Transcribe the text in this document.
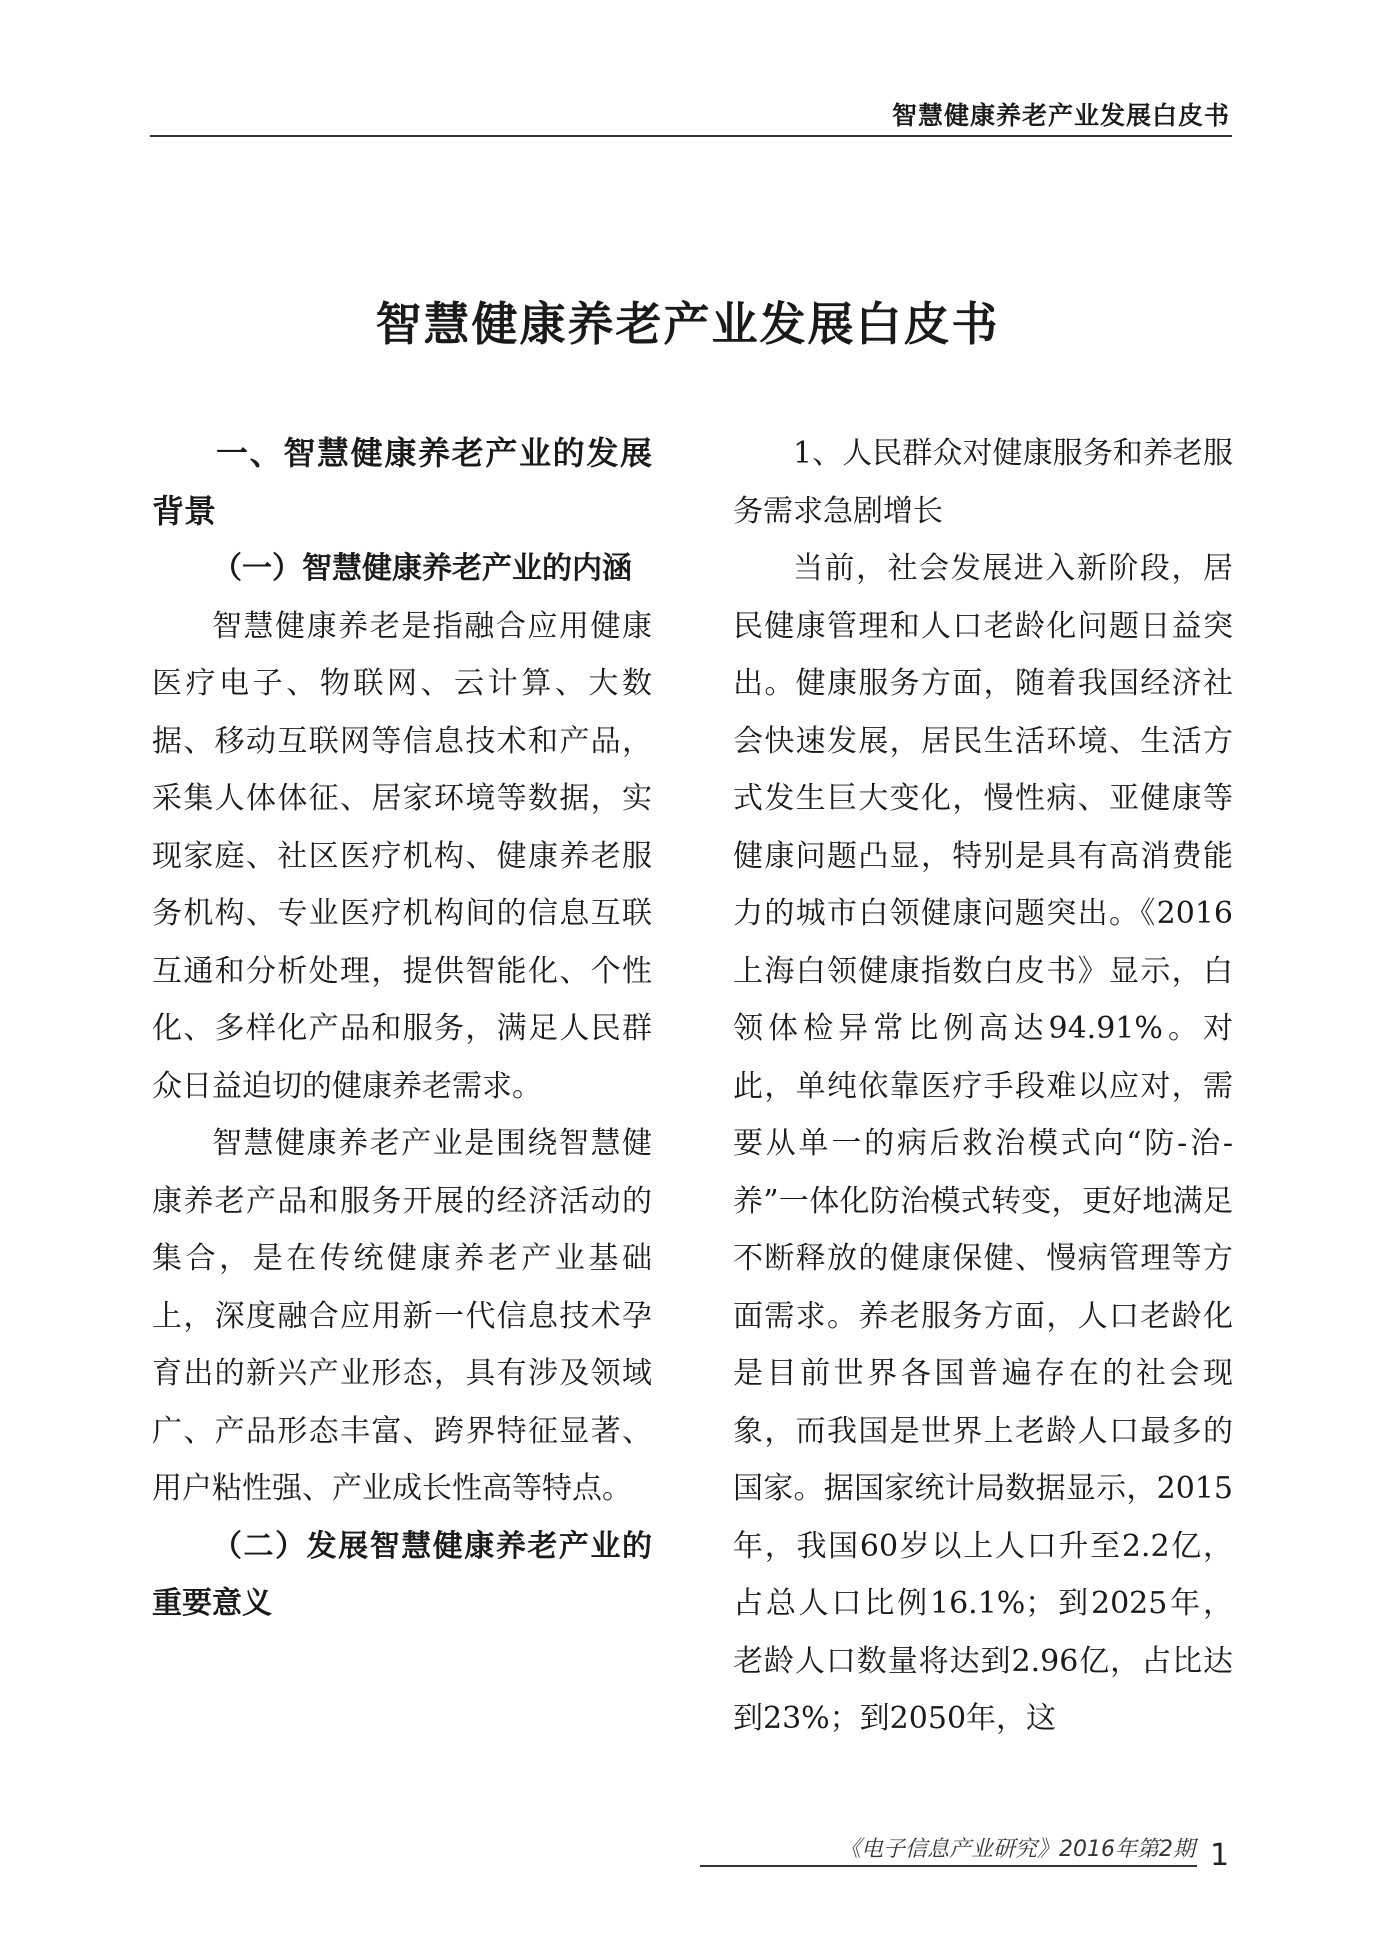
智慧健康养老产业发展白皮书
智慧健康养老产业发展白皮书

一、智慧健康养老产业的发展背景

（一）智慧健康养老产业的内涵

智慧健康养老是指融合应用健康医疗电子、物联网、云计算、大数据、移动互联网等信息技术和产品，采集人体体征、居家环境等数据，实现家庭、社区医疗机构、健康养老服务机构、专业医疗机构间的信息互联互通和分析处理，提供智能化、个性化、多样化产品和服务，满足人民群众日益迫切的健康养老需求。

智慧健康养老产业是围绕智慧健康养老产品和服务开展的经济活动的集合，是在传统健康养老产业基础上，深度融合应用新一代信息技术孕育出的新兴产业形态，具有涉及领域广、产品形态丰富、跨界特征显著、用户粘性强、产业成长性高等特点。

（二）发展智慧健康养老产业的重要意义

1、人民群众对健康服务和养老服务需求急剧增长

当前，社会发展进入新阶段，居民健康管理和人口老龄化问题日益突出。健康服务方面，随着我国经济社会快速发展，居民生活环境、生活方式发生巨大变化，慢性病、亚健康等健康问题凸显，特别是具有高消费能力的城市白领健康问题突出。《2016上海白领健康指数白皮书》显示，白领体检异常比例高达94.91%。对此，单纯依靠医疗手段难以应对，需要从单一的病后救治模式向“防-治-养”一体化防治模式转变，更好地满足不断释放的健康保健、慢病管理等方面需求。养老服务方面，人口老龄化是目前世界各国普遍存在的社会现象，而我国是世界上老龄人口最多的国家。据国家统计局数据显示，2015年，我国60岁以上人口升至2.2亿，占总人口比例16.1%；到2025年，老龄人口数量将达到2.96亿，占比达到23%；到2050年，这

《电子信息产业研究》2016年第2期 1
